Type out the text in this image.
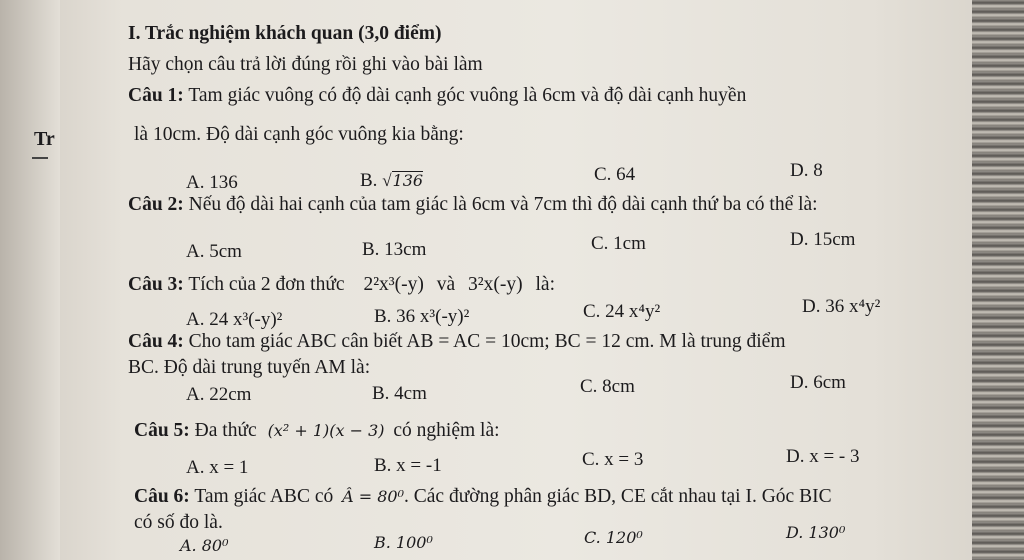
Tr
I. Trắc nghiệm khách quan (3,0 điểm)
Hãy chọn câu trả lời đúng rồi ghi vào bài làm
Câu 1: Tam giác vuông có độ dài cạnh góc vuông là 6cm và độ dài cạnh huyền
là 10cm. Độ dài cạnh góc vuông kia bằng:
A. 136	B. √136	C. 64	D. 8
Câu 2: Nếu độ dài hai cạnh của tam giác là 6cm và 7cm thì độ dài cạnh thứ ba có thể là:
A. 5cm	B. 13cm	C. 1cm	D. 15cm
Câu 3: Tích của 2 đơn thức 2²x³(-y) và 3²x(-y) là:
A. 24 x³(-y)²	B. 36 x³(-y)²	C. 24 x⁴y²	D. 36 x⁴y²
Câu 4: Cho tam giác ABC cân biết AB = AC = 10cm; BC = 12 cm. M là trung điểm
BC. Độ dài trung tuyến AM là:
A. 22cm	B. 4cm	C. 8cm	D. 6cm
Câu 5: Đa thức (x² + 1)(x − 3) có nghiệm là:
A. x = 1	B. x = -1	C. x = 3	D. x = - 3
Câu 6: Tam giác ABC có Â = 80⁰. Các đường phân giác BD, CE cắt nhau tại I. Góc BIC
có số đo là.
A. 80⁰	B. 100⁰	C. 120⁰	D. 130⁰
